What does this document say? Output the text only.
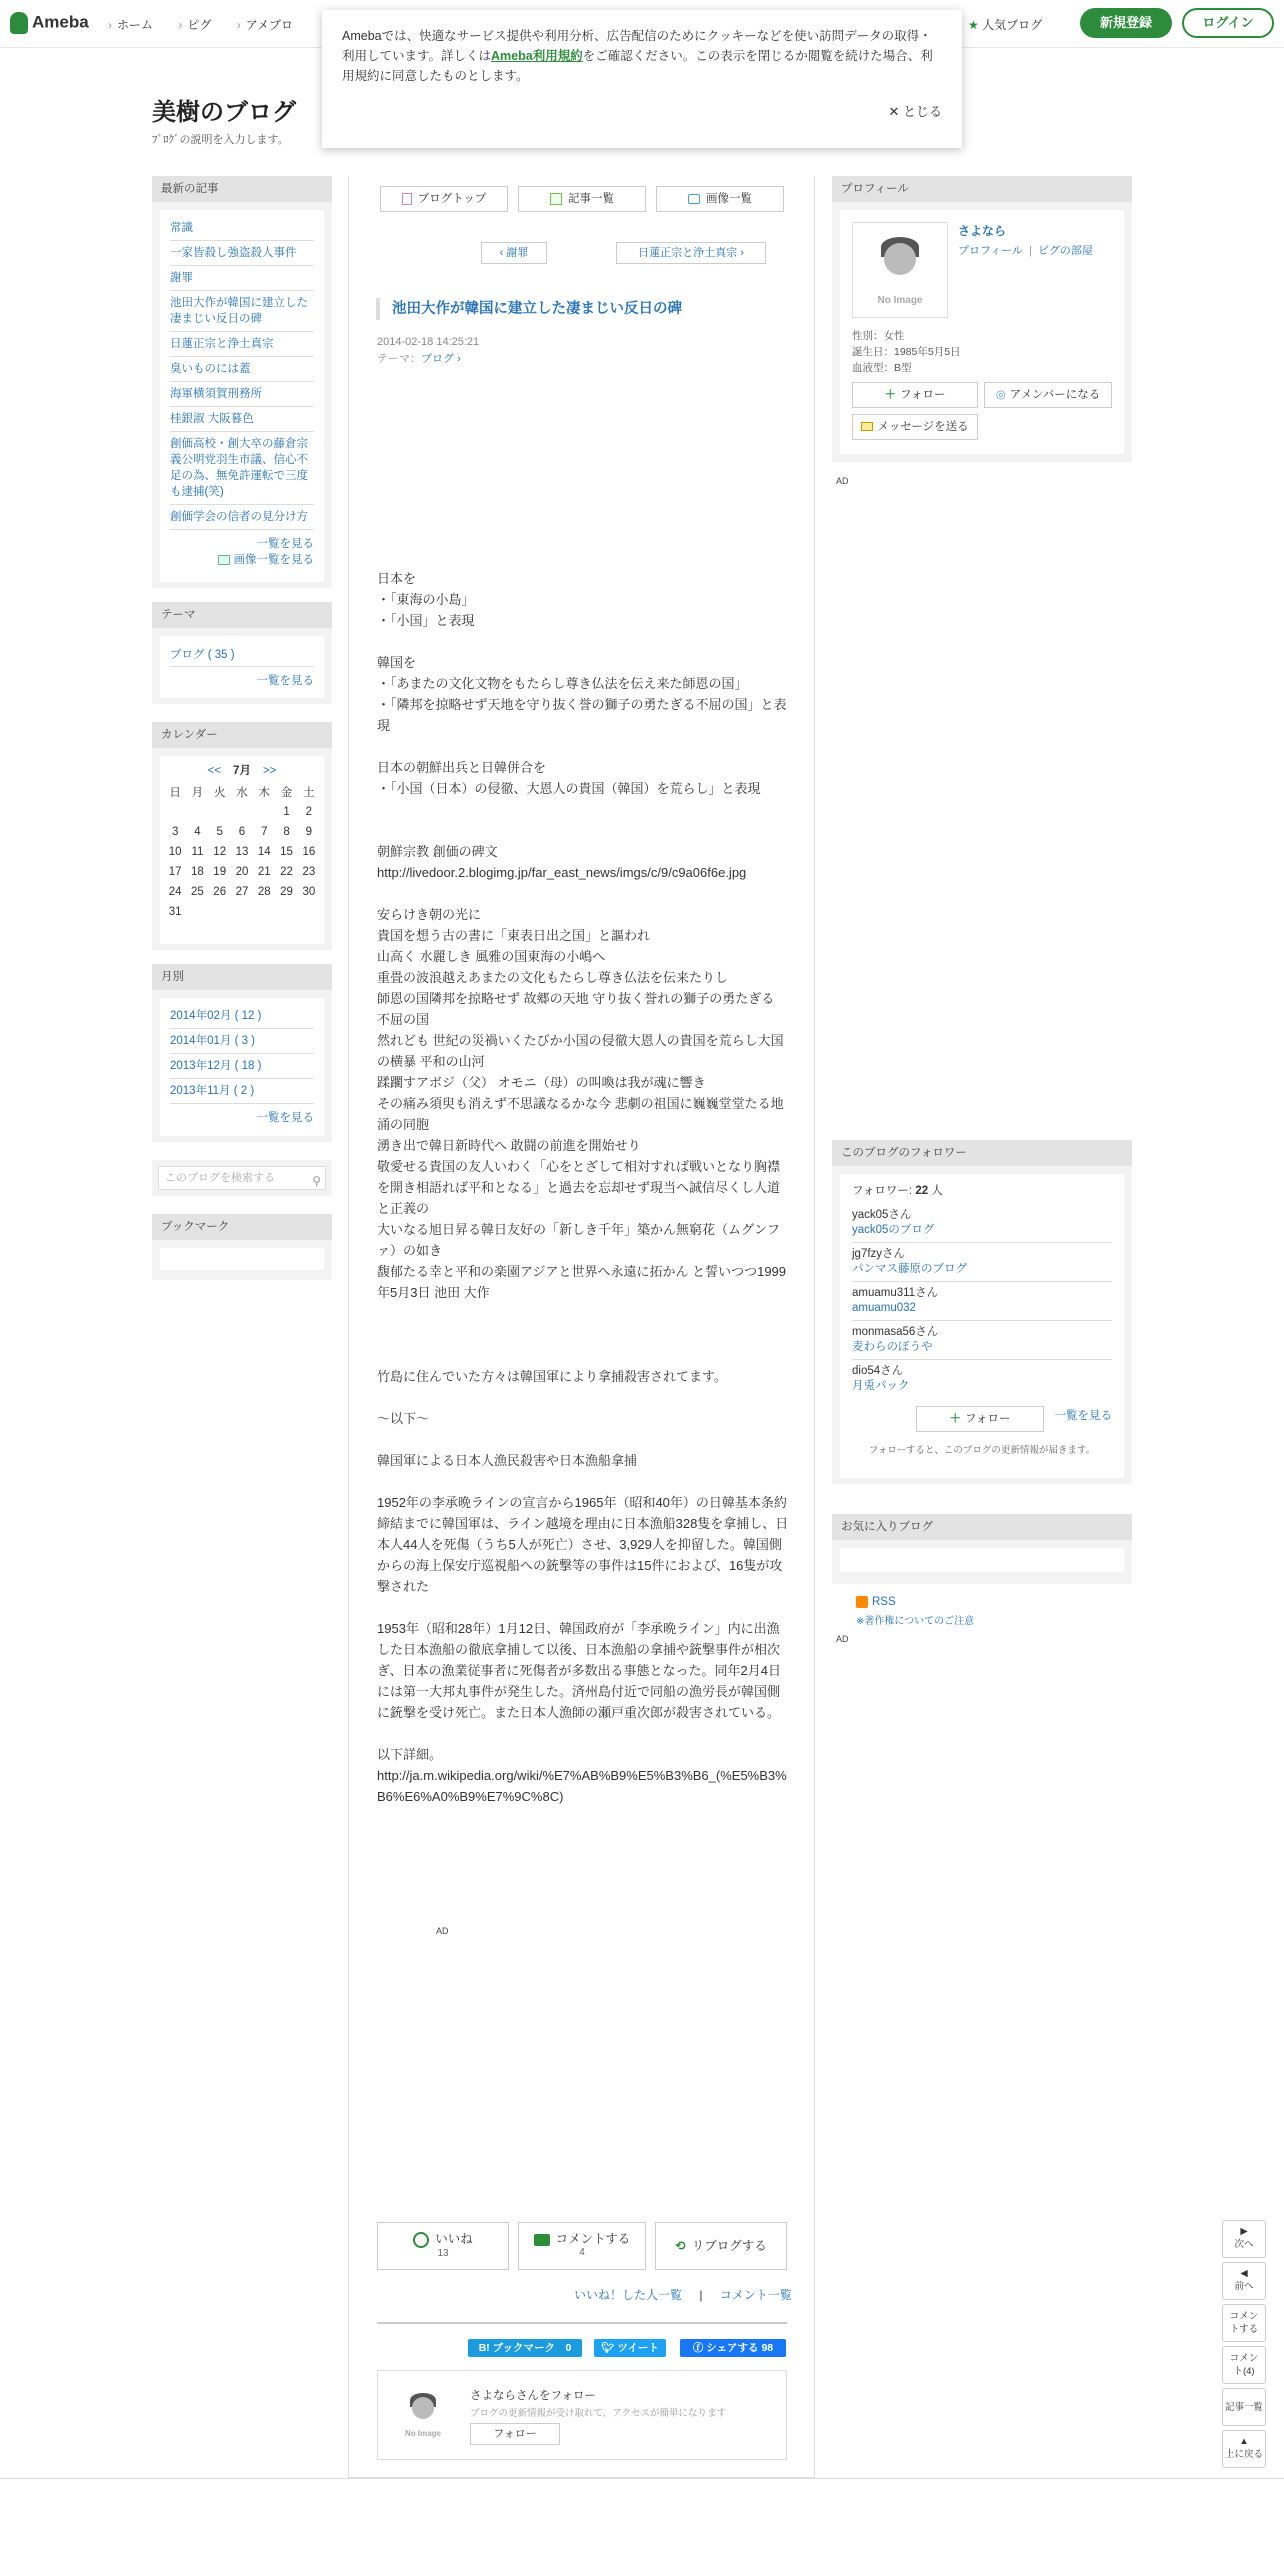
Ameba	› ホーム	› ピグ	› アメブロ	★ 人気ブログ	新規登録	ログイン
Amebaでは、快適なサービス提供や利用分析、広告配信のためにクッキーなどを使い訪問データの取得・利用しています。詳しくはAmeba利用規約をご確認ください。この表示を閉じるか閲覧を続けた場合、利用規約に同意したものとします。
✕ とじる
美樹のブログ
ﾌﾞﾛｸﾞの説明を入力します。
最新の記事
常識
一家皆殺し強盗殺人事件
謝罪
池田大作が韓国に建立した凄まじい反日の碑
日蓮正宗と浄土真宗
臭いものには蓋
海軍横須賀刑務所
桂銀淑 大阪暮色
創価高校・創大卒の藤倉宗義公明党羽生市議、信心不足の為、無免許運転で三度も逮捕(笑)
創価学会の信者の見分け方
一覧を見る
画像一覧を見る
テーマ
ブログ ( 35 )
一覧を見る
カレンダー
<< 7月 >>
日	月	火	水	木	金	土
					1	2
3	4	5	6	7	8	9
10	11	12	13	14	15	16
17	18	19	20	21	22	23
24	25	26	27	28	29	30
31						
月別
2014年02月 ( 12 )
2014年01月 ( 3 )
2013年12月 ( 18 )
2013年11月 ( 2 )
一覧を見る
このブログを検索する	⚲
ブックマーク
ブログトップ	記事一覧	画像一覧
‹ 謝罪	日蓮正宗と浄土真宗 ›
池田大作が韓国に建立した凄まじい反日の碑
2014-02-18 14:25:21
テーマ：ブログ ›

日本を

・「東海の小島」

・「小国」と表現

韓国を

・「あまたの文化文物をもたらし尊き仏法を伝え来た師恩の国」

・「隣邦を掠略せず天地を守り抜く誉の獅子の勇たぎる不屈の国」と表現

日本の朝鮮出兵と日韓併合を

・「小国（日本）の侵徹、大恩人の貴国（韓国）を荒らし」と表現

朝鮮宗教 創価の碑文

http://livedoor.2.blogimg.jp/far_east_news/imgs/c/9/c9a06f6e.jpg

安らけき朝の光に

貴国を想う古の書に「東表日出之国」と謳われ

山高く 水麗しき 風雅の国東海の小嶋へ

重畳の波浪越えあまたの文化もたらし尊き仏法を伝来たりし

師恩の国隣邦を掠略せず 故郷の天地 守り抜く誉れの獅子の勇たぎる 不屈の国

然れども 世紀の災禍いくたびか小国の侵徹大恩人の貴国を荒らし大国の横暴 平和の山河

蹂躙すアボジ（父） オモニ（母）の叫喚は我が魂に響き

その痛み須臾も消えず不思議なるかな今 悲劇の祖国に巍巍堂堂たる地涌の同胞

湧き出で韓日新時代へ 敢闘の前進を開始せり

敬愛せる貴国の友人いわく「心をとざして相対すれば戦いとなり胸襟を開き相語れば平和となる」と過去を忘却せず現当へ誠信尽くし人道と正義の

大いなる旭日昇る韓日友好の「新しき千年」築かん無窮花（ムグンファ）の如き

馥郁たる幸と平和の楽園アジアと世界へ永遠に拓かん と誓いつつ1999年5月3日 池田 大作

竹島に住んでいた方々は韓国軍により拿捕殺害されてます。

～以下～

韓国軍による日本人漁民殺害や日本漁船拿捕

1952年の李承晩ラインの宣言から1965年（昭和40年）の日韓基本条約締結までに韓国軍は、ライン越境を理由に日本漁船328隻を拿捕し、日本人44人を死傷（うち5人が死亡）させ、3,929人を抑留した。韓国側からの海上保安庁巡視船への銃撃等の事件は15件におよび、16隻が攻撃された

1953年（昭和28年）1月12日、韓国政府が「李承晩ライン」内に出漁した日本漁船の徹底拿捕して以後、日本漁船の拿捕や銃撃事件が相次ぎ、日本の漁業従事者に死傷者が多数出る事態となった。同年2月4日には第一大邦丸事件が発生した。済州島付近で同船の漁労長が韓国側に銃撃を受け死亡。また日本人漁師の瀬戸重次郎が殺害されている。

以下詳細。

http://ja.m.wikipedia.org/wiki/%E7%AB%B9%E5%B3%B6_(%E5%B3%B6%E6%A0%B9%E7%9C%8C)

AD
いいね
13
コメントする
4	⟲ リブログする
いいね！した人一覧 | コメント一覧
B! ブックマーク　0	🐦︎ ツイート	ⓕ シェアする 98
No Image
さよならさんをフォロー
ブログの更新情報が受け取れて、アクセスが簡単になります
フォロー
プロフィール
No Image
さよなら
プロフィール | ピグの部屋
性別：女性
誕生日：1985年5月5日
血液型：B型
＋ フォロー	◎ アメンバーになる
メッセージを送る
AD
このブログのフォロワー
フォロワー: 22 人
yack05さん
yack05のブログ
jg7fzyさん
パンマス藤原のブログ
amuamu311さん
amuamu032
monmasa56さん
麦わらのぼうや
dio54さん
月兎パック
一覧を見る
＋ フォロー
フォローすると、このブログの更新情報が届きます。
お気に入りブログ
RSS
※著作権についてのご注意
AD
▶
次へ
◀
前へ
コメントする
コメント(4)
記事一覧
▲
上に戻る
